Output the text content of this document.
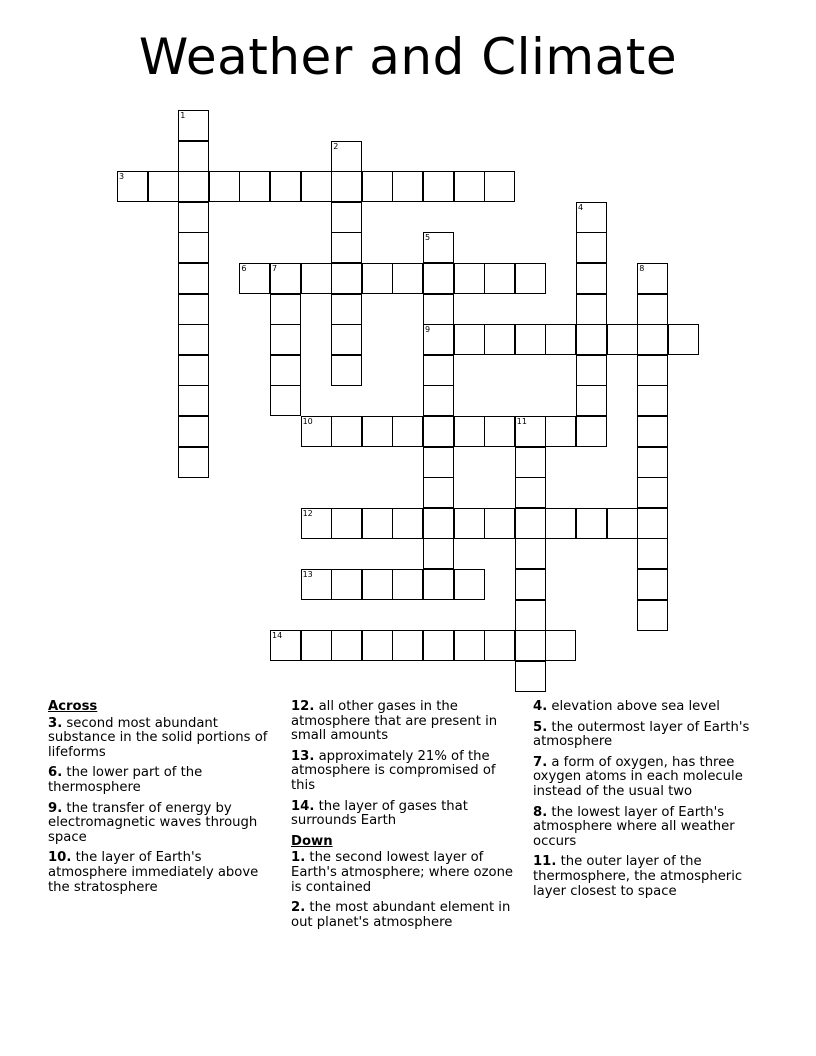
Weather and Climate
1
2
3
4
5
9
6	7	8
10	11
12
13
14
Across
3. second most abundant substance in the solid portions of lifeforms
6. the lower part of the thermosphere
9. the transfer of energy by electromagnetic waves through space
10. the layer of Earth's atmosphere immediately above the stratosphere
12. all other gases in the atmosphere that are present in small amounts
13. approximately 21% of the atmosphere is compromised of this
14. the layer of gases that surrounds Earth
Down
1. the second lowest layer of Earth's atmosphere; where ozone is contained
2. the most abundant element in out planet's atmosphere
4. elevation above sea level
5. the outermost layer of Earth's atmosphere
7. a form of oxygen, has three oxygen atoms in each molecule instead of the usual two
8. the lowest layer of Earth's atmosphere where all weather occurs
11. the outer layer of the thermosphere, the atmospheric layer closest to space
